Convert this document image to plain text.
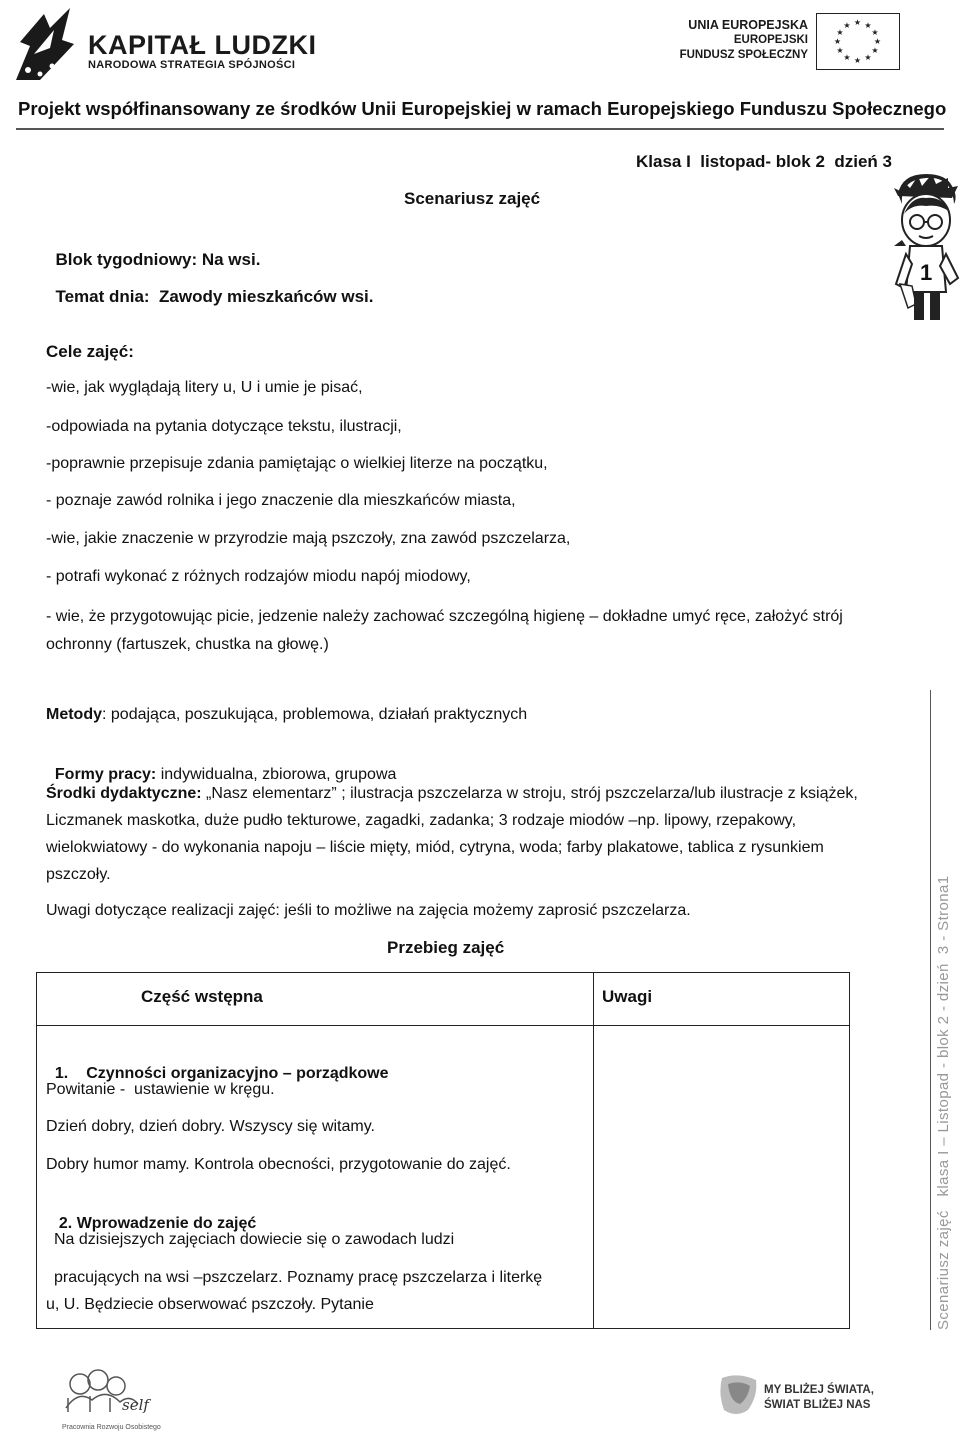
KAPITAŁ LUDZKI
NARODOWA STRATEGIA SPÓJNOŚCI
UNIA EUROPEJSKA
EUROPEJSKI
FUNDUSZ SPOŁECZNY
★ ★
★
★
★
★
★
★
★
★
★
★
Projekt współfinansowany ze środków Unii Europejskiej w ramach Europejskiego Funduszu Społecznego
Klasa I  listopad- blok 2  dzień 3
Scenariusz zajęć

Blok tygodniowy: Na wsi.

Temat dnia:  Zawody mieszkańców wsi.

1
Cele zajęć:
-wie, jak wyglądają litery u, U i umie je pisać,
-odpowiada na pytania dotyczące tekstu, ilustracji,
-poprawnie przepisuje zdania pamiętając o wielkiej literze na początku,
- poznaje zawód rolnika i jego znaczenie dla mieszkańców miasta,
-wie, jakie znaczenie w przyrodzie mają pszczoły, zna zawód pszczelarza,
- potrafi wykonać z różnych rodzajów miodu napój miodowy,
- wie, że przygotowując picie, jedzenie należy zachować szczególną higienę – dokładne umyć ręce, założyć strój ochronny (fartuszek, chustka na głowę.)
Metody: podająca, poszukująca, problemowa, działań praktycznych

Formy pracy: indywidualna, zbiorowa, grupowa

Środki dydaktyczne: „Nasz elementarz” ; ilustracja pszczelarza w stroju, strój pszczelarza/lub ilustracje z książek, Liczmanek maskotka, duże pudło tekturowe, zagadki, zadanka; 3 rodzaje miodów –np. lipowy, rzepakowy, wielokwiatowy - do wykonania napoju – liście mięty, miód, cytryna, woda; farby plakatowe, tablica z rysunkiem pszczoły.
Uwagi dotyczące realizacji zajęć: jeśli to możliwe na zajęcia możemy zaprosić pszczelarza.
Przebieg zajęć
Część wstępna	Uwagi

1. Czynności organizacyjno – porządkowe

Powitanie -  ustawienie w kręgu.
Dzień dobry, dzień dobry. Wszyscy się witamy.
Dobry humor mamy. Kontrola obecności, przygotowanie do zajęć.

2. Wprowadzenie do zajęć

Na dzisiejszych zajęciach dowiecie się o zawodach ludzi
pracujących na wsi –pszczelarz. Poznamy pracę pszczelarza i literkę
u, U. Będziecie obserwować pszczoły. Pytanie	Scenariusz zajęć   klasa I – Listopad - blok 2 - dzień  3 - Strona1
self
Pracownia Rozwoju Osobistego
MY BLIŻEJ ŚWIATA,
ŚWIAT BLIŻEJ NAS
